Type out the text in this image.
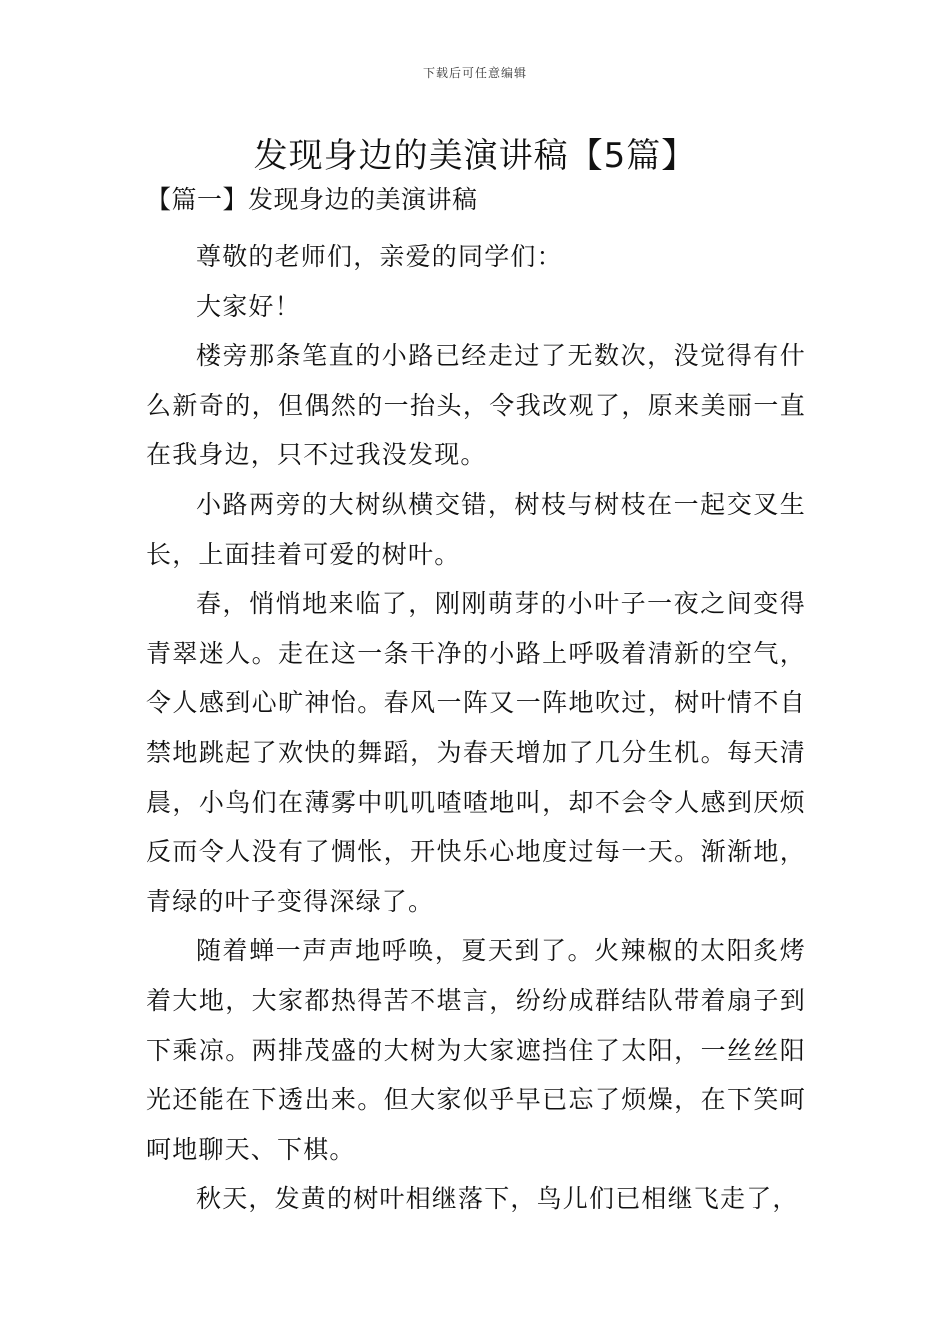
下载后可任意编辑
发现身边的美演讲稿【5篇】
【篇一】发现身边的美演讲稿

尊敬的老师们，亲爱的同学们：

大家好！

楼旁那条笔直的小路已经走过了无数次，没觉得有什么新奇的，但偶然的一抬头，令我改观了，原来美丽一直在我身边，只不过我没发现。

小路两旁的大树纵横交错，树枝与树枝在一起交叉生长，上面挂着可爱的树叶。

春，悄悄地来临了，刚刚萌芽的小叶子一夜之间变得青翠迷人。走在这一条干净的小路上呼吸着清新的空气，令人感到心旷神怡。春风一阵又一阵地吹过，树叶情不自禁地跳起了欢快的舞蹈，为春天增加了几分生机。每天清晨，小鸟们在薄雾中叽叽喳喳地叫，却不会令人感到厌烦反而令人没有了惆怅，开快乐心地度过每一天。渐渐地，青绿的叶子变得深绿了。

随着蝉一声声地呼唤，夏天到了。火辣椒的太阳炙烤着大地，大家都热得苦不堪言，纷纷成群结队带着扇子到下乘凉。两排茂盛的大树为大家遮挡住了太阳，一丝丝阳光还能在下透出来。但大家似乎早已忘了烦燥，在下笑呵呵地聊天、下棋。

秋天，发黄的树叶相继落下，鸟儿们已相继飞走了，
